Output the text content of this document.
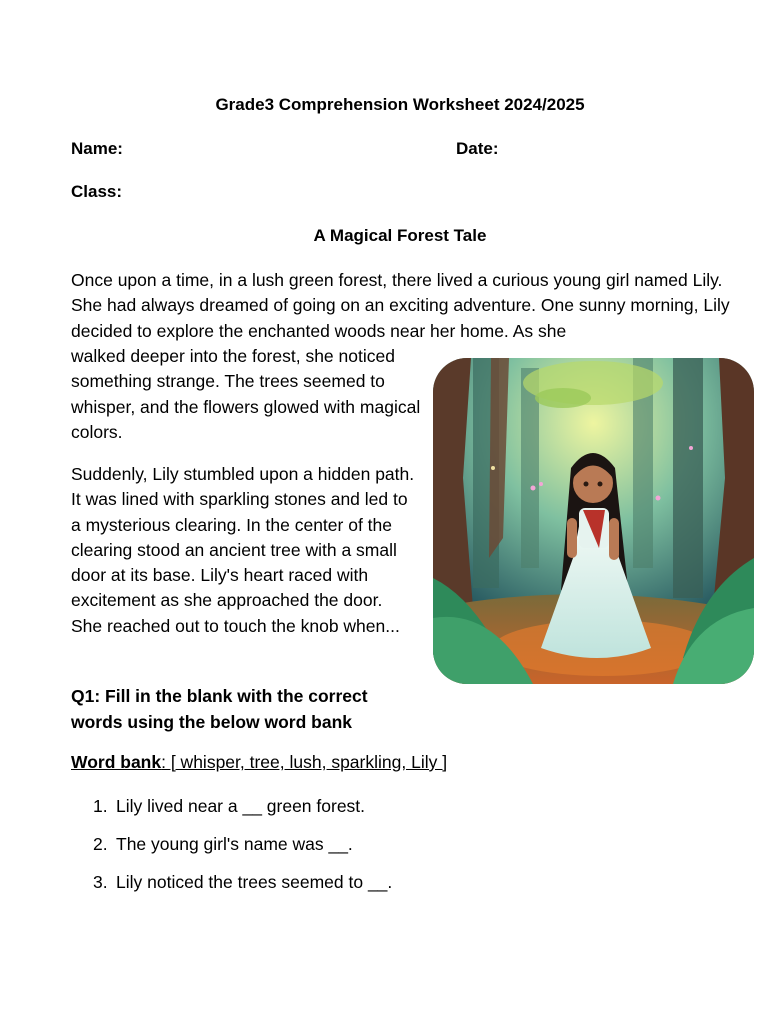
Grade3 Comprehension Worksheet 2024/2025
Name:	Date:
Class:
A Magical Forest Tale
Once upon a time, in a lush green forest, there lived a curious young girl named Lily. She had always dreamed of going on an exciting adventure. One sunny morning, Lily decided to explore the enchanted woods near her home. As she
walked deeper into the forest, she noticed something strange. The trees seemed to whisper, and the flowers glowed with magical colors.
Suddenly, Lily stumbled upon a hidden path. It was lined with sparkling stones and led to a mysterious clearing. In the center of the clearing stood an ancient tree with a small door at its base. Lily's heart raced with excitement as she approached the door. She reached out to touch the knob when...
Q1: Fill in the blank with the correct words using the below word bank
Word bank: [ whisper, tree, lush, sparkling, Lily ]
1. Lily lived near a __ green forest.
2. The young girl's name was __.
3. Lily noticed the trees seemed to __.
